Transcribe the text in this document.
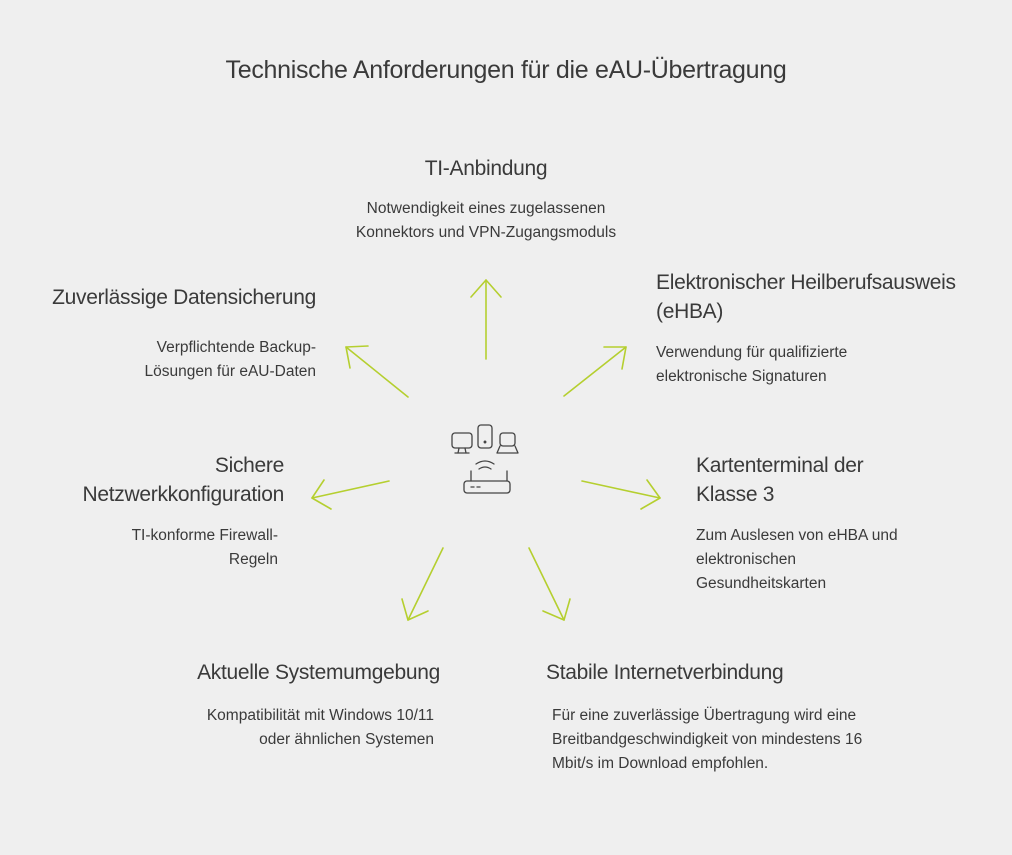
Technische Anforderungen für die eAU-Übertragung
TI-Anbindung
Notwendigkeit eines zugelassenen
Konnektors und VPN-Zugangsmoduls
Elektronischer Heilberufsausweis
(eHBA)
Verwendung für qualifizierte
elektronische Signaturen
Kartenterminal der
Klasse 3
Zum Auslesen von eHBA und
elektronischen
Gesundheitskarten
Stabile Internetverbindung
Für eine zuverlässige Übertragung wird eine
Breitbandgeschwindigkeit von mindestens 16
Mbit/s im Download empfohlen.
Aktuelle Systemumgebung
Kompatibilität mit Windows 10/11
oder ähnlichen Systemen
Sichere
Netzwerkkonfiguration
TI-konforme Firewall-
Regeln
Zuverlässige Datensicherung
Verpflichtende Backup-
Lösungen für eAU-Daten
